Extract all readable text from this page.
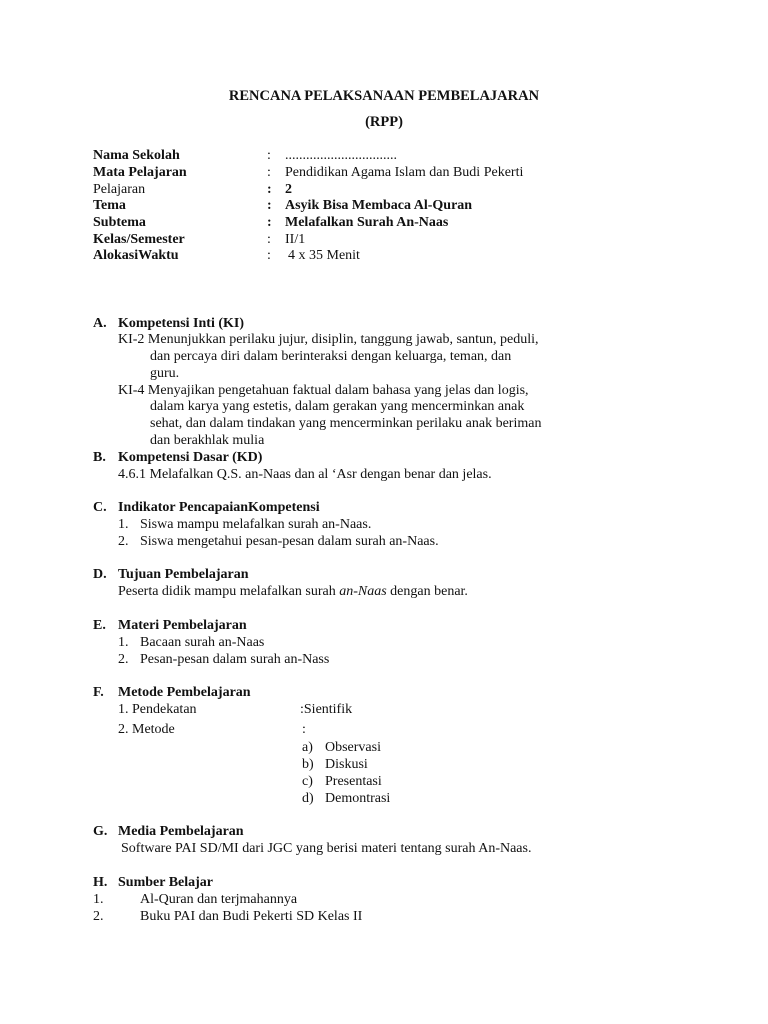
RENCANA PELAKSANAAN PEMBELAJARAN
(RPP)
Nama Sekolah	: ................................
Mata Pelajaran	: Pendidikan Agama Islam dan Budi Pekerti
Pelajaran	: 2
Tema	: Asyik Bisa Membaca Al-Quran
Subtema	: Melafalkan Surah An-Naas
Kelas/Semester	: II/1
AlokasiWaktu	: 4 x 35 Menit
A. Kompetensi Inti (KI)
KI-2 Menunjukkan perilaku jujur, disiplin, tanggung jawab, santun, peduli,
dan percaya diri dalam berinteraksi dengan keluarga, teman, dan
guru.
KI-4 Menyajikan pengetahuan faktual dalam bahasa yang jelas dan logis,
dalam karya yang estetis, dalam gerakan yang mencerminkan anak
sehat, dan dalam tindakan yang mencerminkan perilaku anak beriman
dan berakhlak mulia
B. Kompetensi Dasar (KD)
4.6.1 Melafalkan Q.S. an-Naas dan al ‘Asr dengan benar dan jelas.
C. Indikator PencapaianKompetensi
1. Siswa mampu melafalkan surah an-Naas.
2. Siswa mengetahui pesan-pesan dalam surah an-Naas.
D. Tujuan Pembelajaran
Peserta didik mampu melafalkan surah an-Naas dengan benar.
E. Materi Pembelajaran
1. Bacaan surah an-Naas
2. Pesan-pesan dalam surah an-Nass
F. Metode Pembelajaran
1. Pendekatan	:Sientifik
2. Metode	:
a) Observasi
b) Diskusi
c) Presentasi
d) Demontrasi
G. Media Pembelajaran
Software PAI SD/MI dari JGC yang berisi materi tentang surah An-Naas.
H. Sumber Belajar
1.	Al-Quran dan terjmahannya
2.	Buku PAI dan Budi Pekerti SD Kelas II
